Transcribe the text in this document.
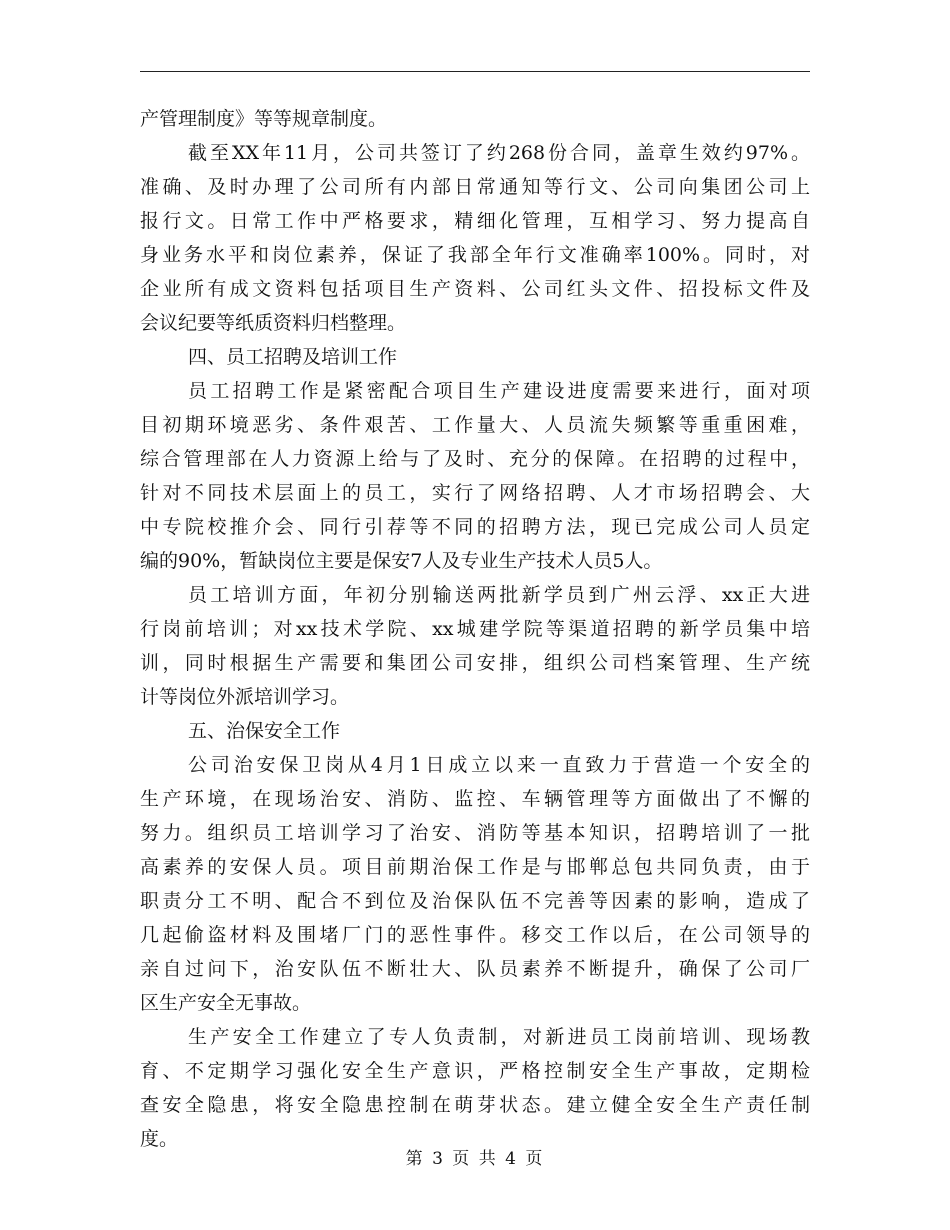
产管理制度》等等规章制度。
截至XX年11月，公司共签订了约268份合同，盖章生效约97%。
准确、及时办理了公司所有内部日常通知等行文、公司向集团公司上
报行文。日常工作中严格要求，精细化管理，互相学习、努力提高自
身业务水平和岗位素养，保证了我部全年行文准确率100%。同时，对
企业所有成文资料包括项目生产资料、公司红头文件、招投标文件及
会议纪要等纸质资料归档整理。
四、员工招聘及培训工作
员工招聘工作是紧密配合项目生产建设进度需要来进行，面对项
目初期环境恶劣、条件艰苦、工作量大、人员流失频繁等重重困难，
综合管理部在人力资源上给与了及时、充分的保障。在招聘的过程中，
针对不同技术层面上的员工，实行了网络招聘、人才市场招聘会、大
中专院校推介会、同行引荐等不同的招聘方法，现已完成公司人员定
编的90%，暂缺岗位主要是保安7人及专业生产技术人员5人。
员工培训方面，年初分别输送两批新学员到广州云浮、xx正大进
行岗前培训；对xx技术学院、xx城建学院等渠道招聘的新学员集中培
训，同时根据生产需要和集团公司安排，组织公司档案管理、生产统
计等岗位外派培训学习。
五、治保安全工作
公司治安保卫岗从4月1日成立以来一直致力于营造一个安全的
生产环境，在现场治安、消防、监控、车辆管理等方面做出了不懈的
努力。组织员工培训学习了治安、消防等基本知识，招聘培训了一批
高素养的安保人员。项目前期治保工作是与邯郸总包共同负责，由于
职责分工不明、配合不到位及治保队伍不完善等因素的影响，造成了
几起偷盗材料及围堵厂门的恶性事件。移交工作以后，在公司领导的
亲自过问下，治安队伍不断壮大、队员素养不断提升，确保了公司厂
区生产安全无事故。
生产安全工作建立了专人负责制，对新进员工岗前培训、现场教
育、不定期学习强化安全生产意识，严格控制安全生产事故，定期检
查安全隐患，将安全隐患控制在萌芽状态。建立健全安全生产责任制
度。
第 3 页 共 4 页
